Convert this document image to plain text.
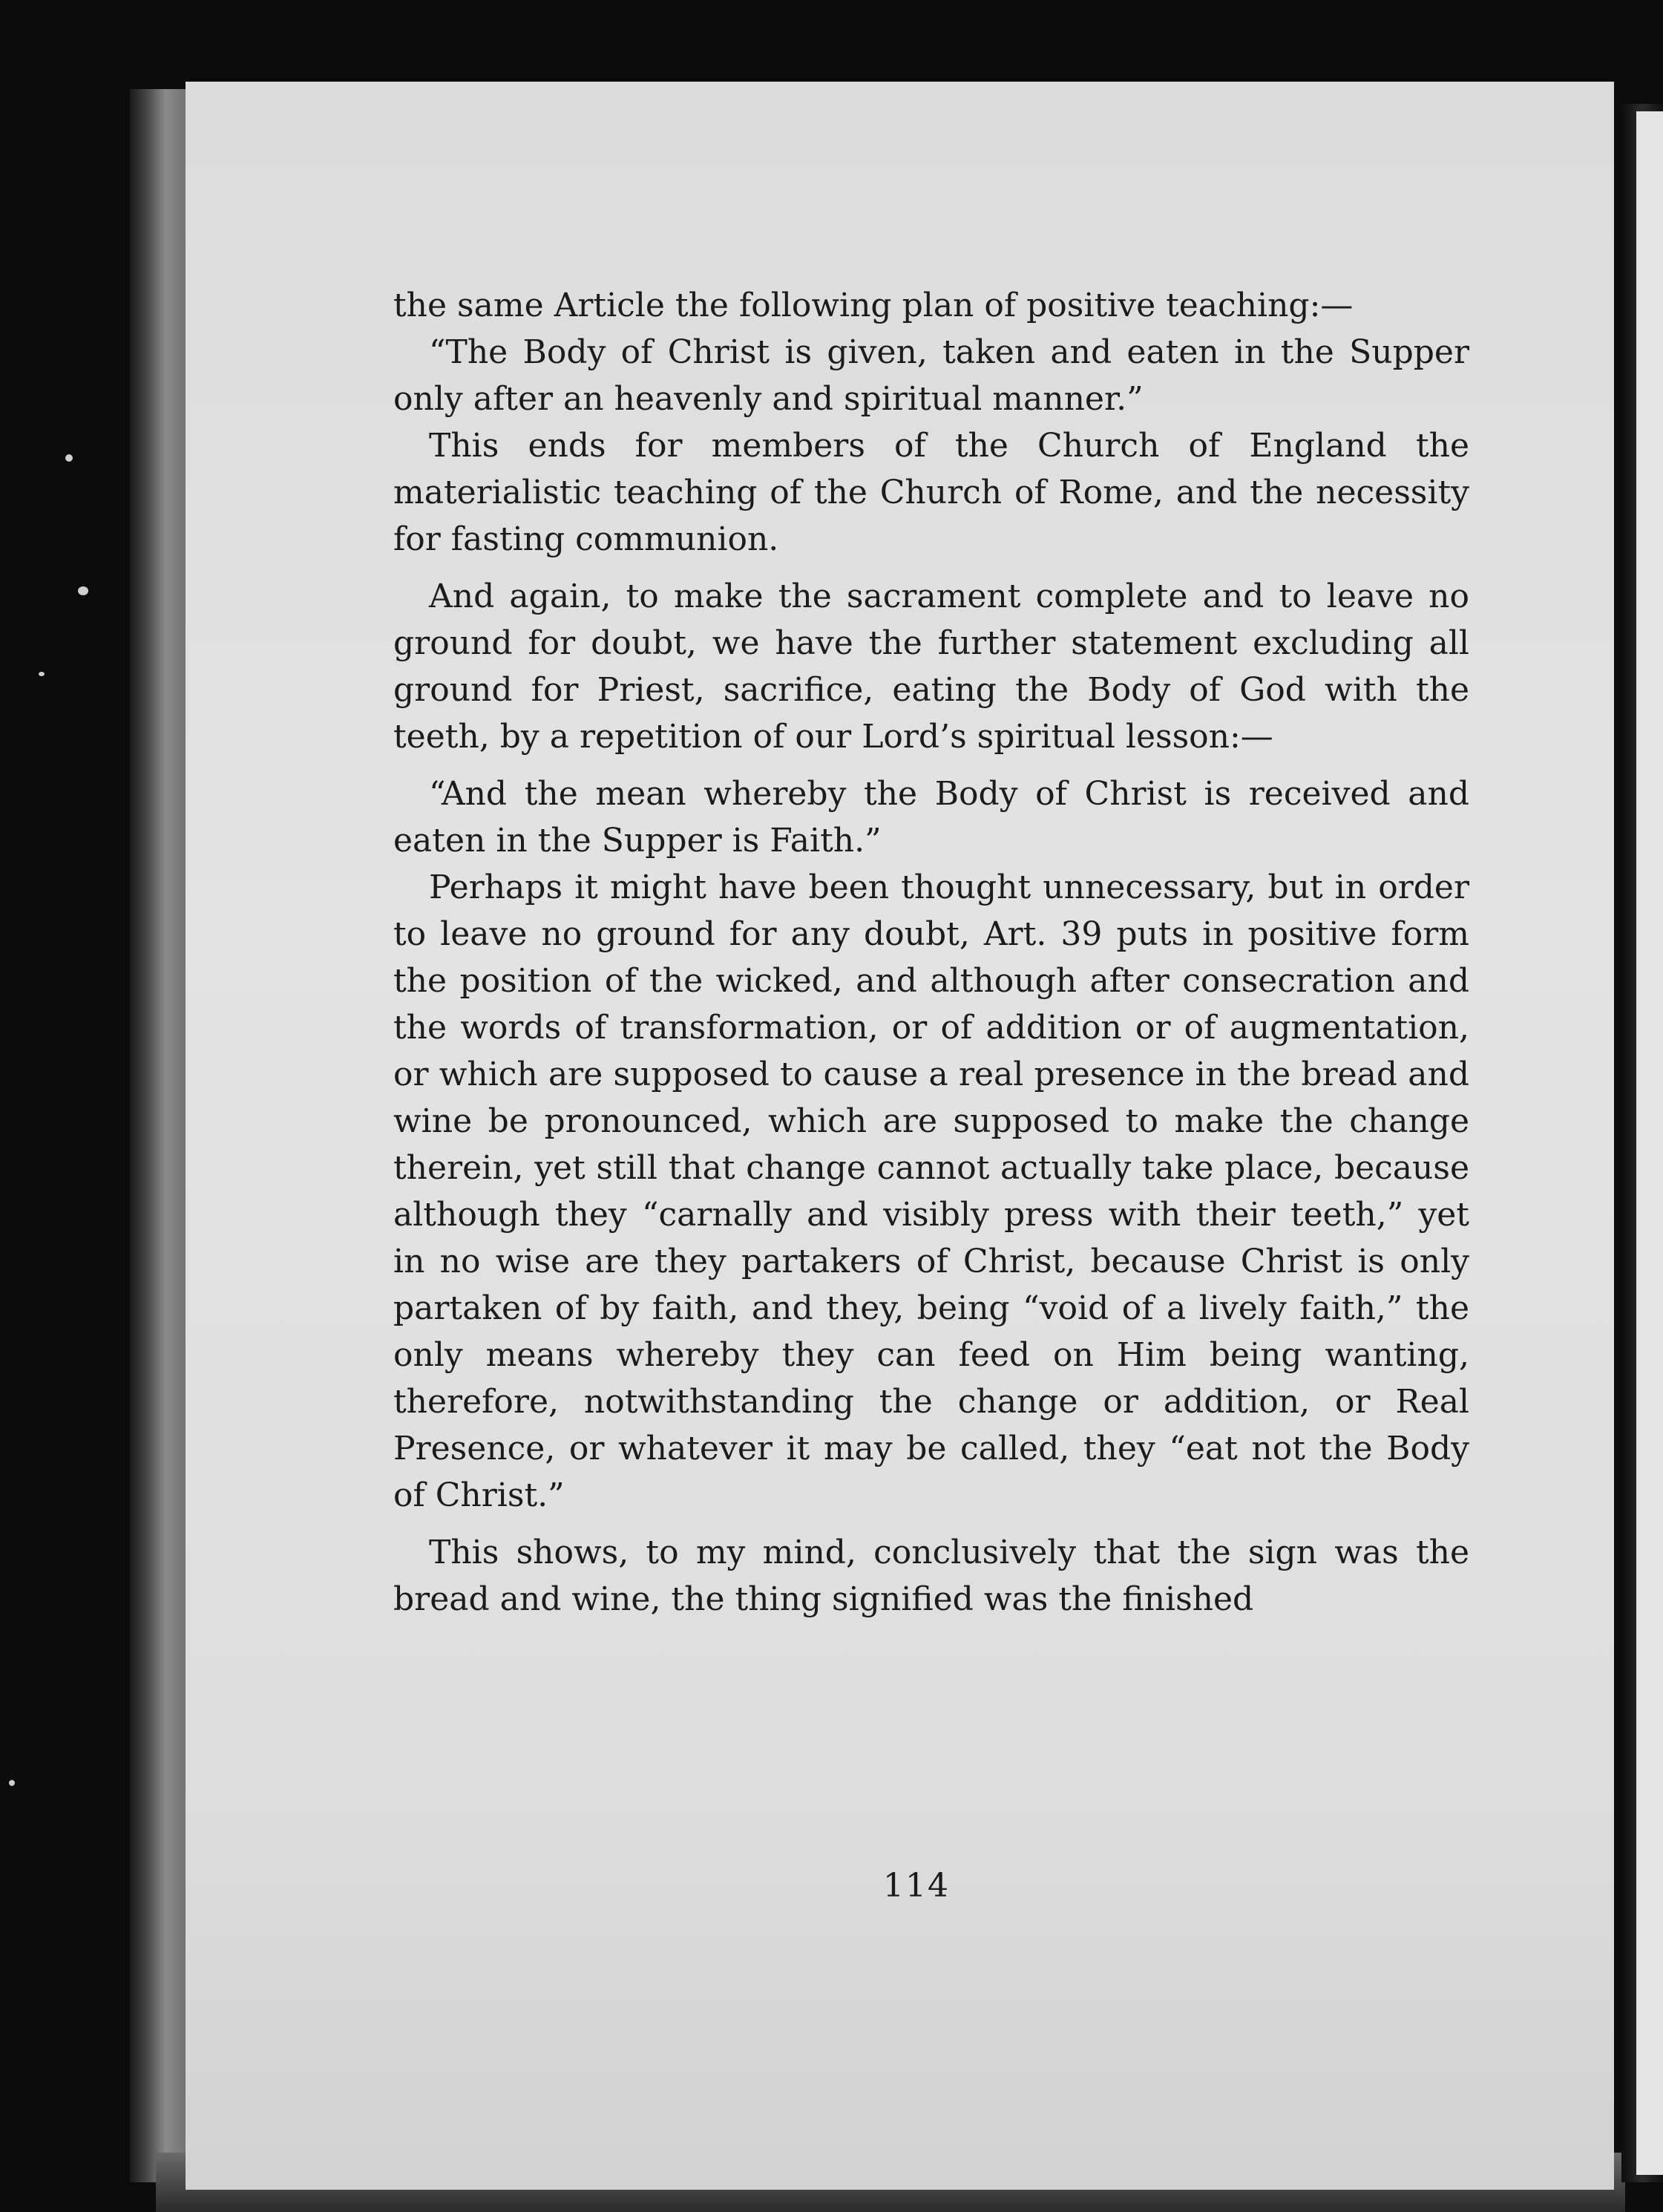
the same Article the following plan of positive teaching:—

“The Body of Christ is given, taken and eaten in the Supper only after an heavenly and spiritual manner.”

This ends for members of the Church of England the materialistic teaching of the Church of Rome, and the necessity for fasting communion.

And again, to make the sacrament complete and to leave no ground for doubt, we have the further statement excluding all ground for Priest, sacrifice, eating the Body of God with the teeth, by a repetition of our Lord’s spiritual lesson:—

“And the mean whereby the Body of Christ is received and eaten in the Supper is Faith.”

Perhaps it might have been thought unnecessary, but in order to leave no ground for any doubt, Art. 39 puts in positive form the position of the wicked, and although after consecration and the words of transformation, or of addition or of augmentation, or which are supposed to cause a real presence in the bread and wine be pronounced, which are supposed to make the change therein, yet still that change cannot actually take place, because although they “carnally and visibly press with their teeth,” yet in no wise are they partakers of Christ, because Christ is only partaken of by faith, and they, being “void of a lively faith,” the only means whereby they can feed on Him being wanting, therefore, notwithstanding the change or addition, or Real Presence, or whatever it may be called, they “eat not the Body of Christ.”

This shows, to my mind, conclusively that the sign was the bread and wine, the thing signified was the finished

114
